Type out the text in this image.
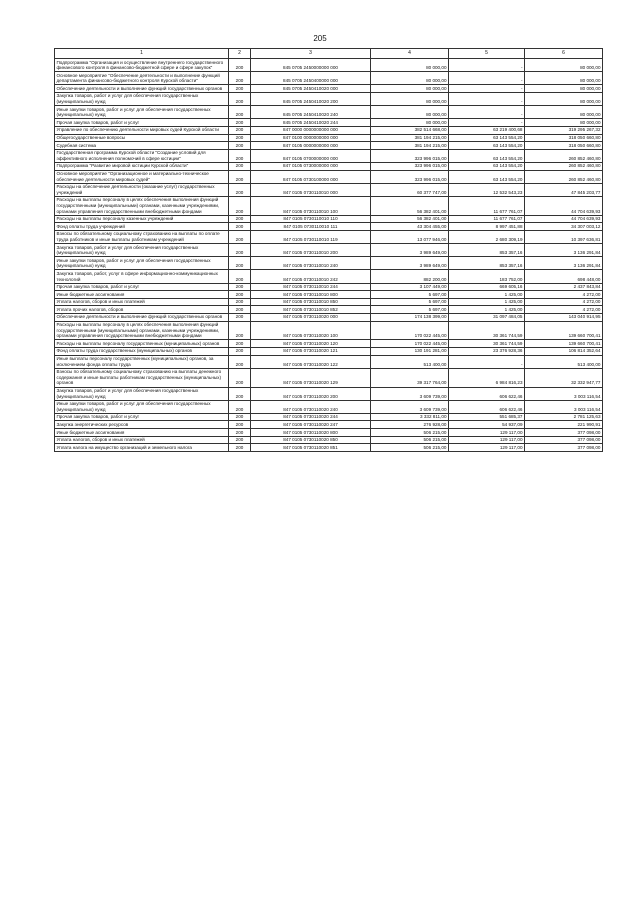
205
1	2	3	4	5	6
Подпрограмма "Организация и осуществление внутреннего государственного финансового контроля в финансово-бюджетной сфере и сфере закупок"	200	845 0705 2450000000 000	80 000,00	-	80 000,00
Основное мероприятие "Обеспечение деятельности и выполнение функций департамента финансово-бюджетного контроля Курской области"	200	845 0705 2450400000 000	80 000,00	-	80 000,00
Обеспечение деятельности и выполнение функций государственных органов	200	845 0705 2450410020 000	80 000,00	-	80 000,00
Закупка товаров, работ и услуг для обеспечения государственных (муниципальных) нужд	200	845 0705 2450410020 200	80 000,00	-	80 000,00
Иные закупки товаров, работ и услуг для обеспечения государственных (муниципальных) нужд	200	845 0705 2450410020 240	80 000,00	-	80 000,00
Прочая закупка товаров, работ и услуг	200	845 0705 2450410020 244	80 000,00	-	80 000,00
Управление по обеспечению деятельности мировых судей Курской области	200	847 0000 0000000000 000	382 514 668,00	63 219 400,68	319 295 267,32
Общегосударственные вопросы	200	847 0100 0000000000 000	381 194 215,00	63 143 554,20	318 050 660,80
Судебная система	200	847 0105 0000000000 000	381 194 215,00	63 143 554,20	318 050 660,80
Государственная программа Курской области "Создание условий для эффективного исполнения полномочий в сфере юстиции"	200	847 0105 0700000000 000	323 996 015,00	63 143 554,20	260 852 460,80
Подпрограмма "Развитие мировой юстиции Курской области"	200	847 0105 0730000000 000	323 996 015,00	63 143 554,20	260 852 460,80
Основное мероприятие "Организационное и материально-техническое обеспечение деятельности мировых судей"	200	847 0105 0730100000 000	323 996 015,00	63 143 554,20	260 852 460,80
Расходы на обеспечение деятельности (оказание услуг) государственных учреждений	200	847 0105 0730110010 000	60 377 747,00	12 532 543,23	47 845 203,77
Расходы на выплаты персоналу в целях обеспечения выполнения функций государственными (муниципальными) органами, казенными учреждениями, органами управления государственными внебюджетными фондами	200	847 0105 0730110010 100	56 382 401,00	11 677 761,07	44 704 639,93
Расходы на выплаты персоналу казенных учреждений	200	847 0105 0730110010 110	56 382 401,00	11 677 761,07	44 704 639,93
Фонд оплаты труда учреждений	200	847 0105 0730110010 111	43 304 455,00	8 997 451,88	34 307 003,12
Взносы по обязательному социальному страхованию на выплаты по оплате труда работников и иные выплаты работникам учреждений	200	847 0105 0730110010 119	13 077 946,00	2 680 309,19	10 397 636,81
Закупка товаров, работ и услуг для обеспечения государственных (муниципальных) нужд	200	847 0105 0730110010 200	3 989 649,00	853 357,16	3 136 291,84
Иные закупки товаров, работ и услуг для обеспечения государственных (муниципальных) нужд	200	847 0105 0730110010 240	3 989 649,00	853 357,16	3 136 291,84
Закупка товаров, работ, услуг в сфере информационно-коммуникационных технологий	200	847 0105 0730110010 242	882 200,00	183 752,00	698 448,00
Прочая закупка товаров, работ и услуг	200	847 0105 0730110010 244	3 107 449,00	669 605,16	2 437 843,84
Иные бюджетные ассигнования	200	847 0105 0730110010 800	5 697,00	1 425,00	4 272,00
Уплата налогов, сборов и иных платежей	200	847 0105 0730110010 850	5 697,00	1 425,00	4 272,00
Уплата прочих налогов, сборов	200	847 0105 0730110010 852	5 697,00	1 425,00	4 272,00
Обеспечение деятельности и выполнение функций государственных органов	200	847 0105 0730110020 000	174 138 399,00	31 097 484,05	143 040 914,95
Расходы на выплаты персоналу в целях обеспечения выполнения функций государственными (муниципальными) органами, казенными учреждениями, органами управления государственными внебюджетными фондами	200	847 0105 0730110020 100	170 022 445,00	30 361 744,59	139 660 700,41
Расходы на выплаты персоналу государственных (муниципальных) органов	200	847 0105 0730110020 120	170 022 445,00	30 361 744,59	139 660 700,41
Фонд оплаты труда государственных (муниципальных) органов	200	847 0105 0730110020 121	130 191 281,00	23 376 928,36	106 814 352,64
Иные выплаты персоналу государственных (муниципальных) органов, за исключением фонда оплаты труда	200	847 0105 0730110020 122	513 400,00	-	513 400,00
Взносы по обязательному социальному страхованию на выплаты денежного содержания и иные выплаты работникам государственных (муниципальных) органов	200	847 0105 0730110020 129	39 317 764,00	6 984 816,23	32 332 947,77
Закупка товаров, работ и услуг для обеспечения государственных (муниципальных) нужд	200	847 0105 0730110020 200	3 609 739,00	606 622,46	3 003 116,54
Иные закупки товаров, работ и услуг для обеспечения государственных (муниципальных) нужд	200	847 0105 0730110020 240	3 609 739,00	606 622,46	3 003 116,54
Прочая закупка товаров, работ и услуг	200	847 0105 0730110020 244	3 332 811,00	551 685,37	2 781 125,63
Закупка энергетических ресурсов	200	847 0105 0730110020 247	276 928,00	54 937,09	221 990,91
Иные бюджетные ассигнования	200	847 0105 0730110020 800	506 215,00	129 117,00	377 098,00
Уплата налогов, сборов и иных платежей	200	847 0105 0730110020 850	506 215,00	129 117,00	377 098,00
Уплата налога на имущество организаций и земельного налога	200	847 0105 0730110020 851	506 215,00	129 117,00	377 098,00
